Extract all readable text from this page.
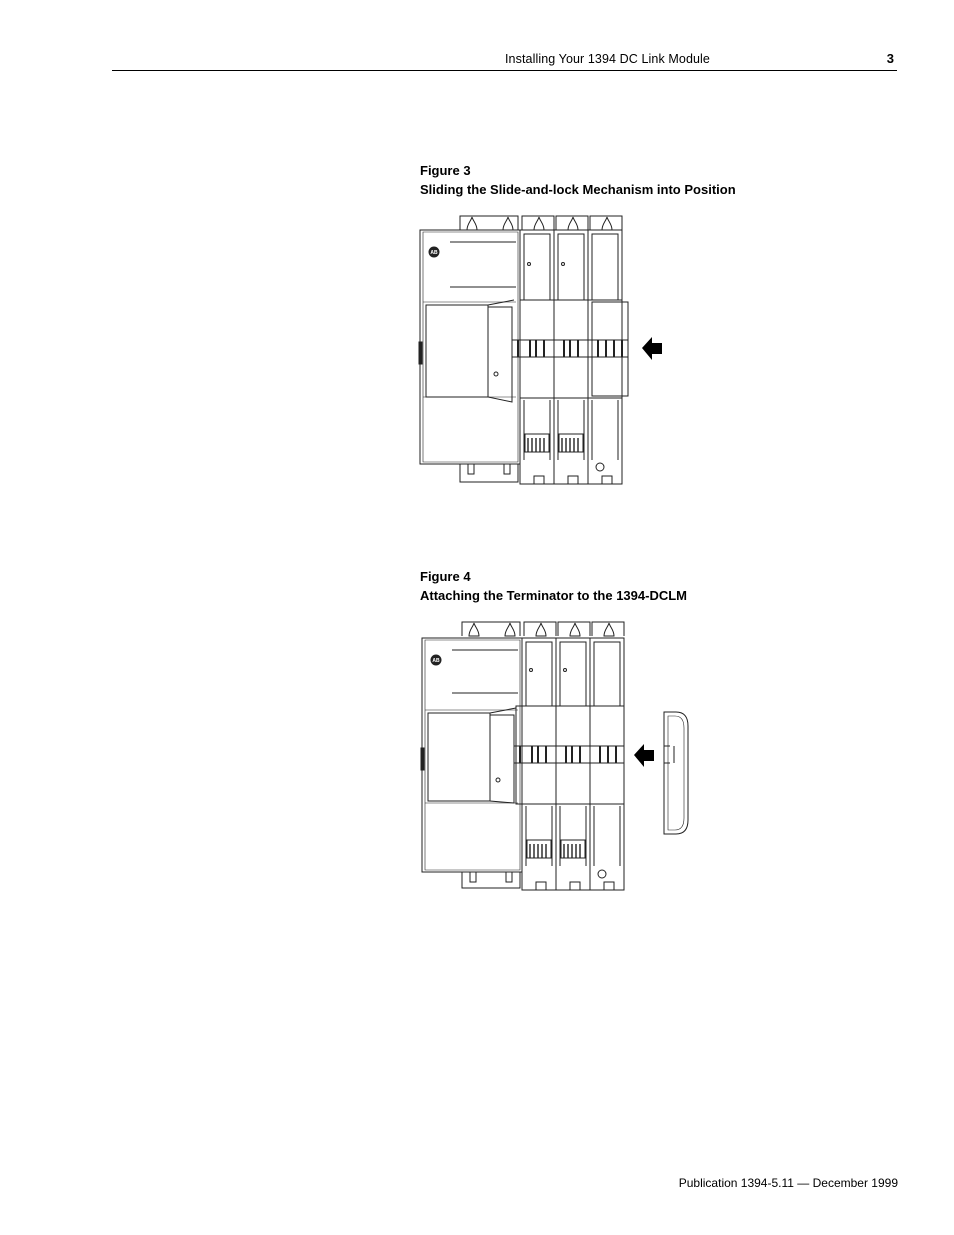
Installing Your 1394 DC Link Module	3
Figure 3
Sliding the Slide-and-lock Mechanism into Position
AB
Figure 4
Attaching the Terminator to the 1394-DCLM
AB
Publication 1394-5.11 — December 1999
